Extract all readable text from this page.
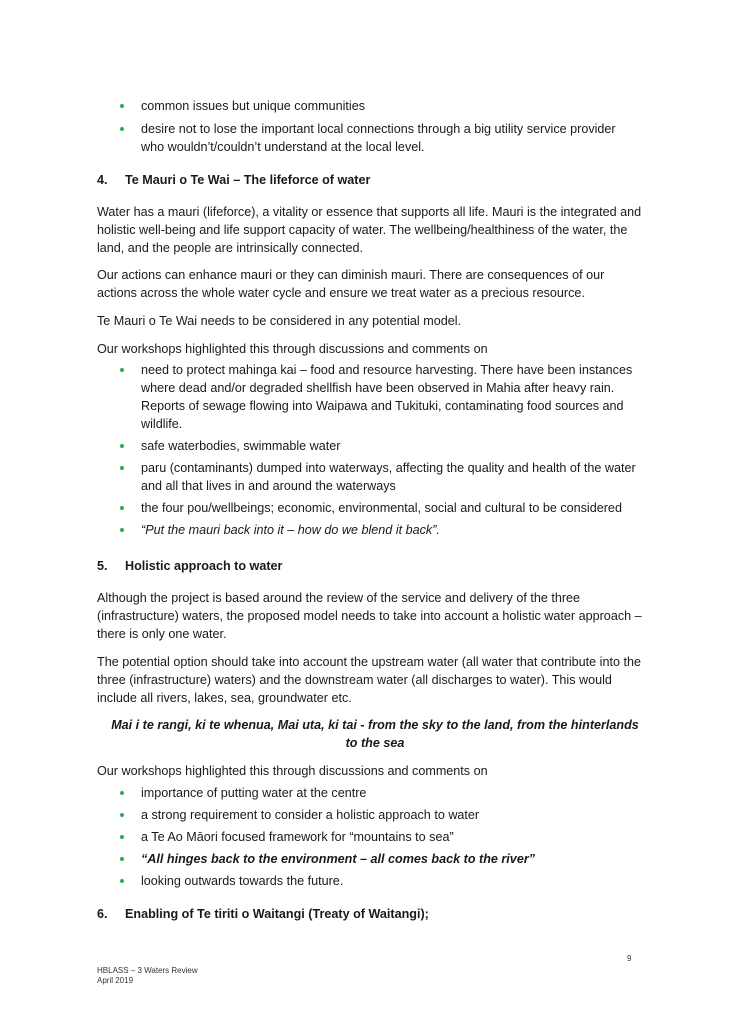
common issues but unique communities
desire not to lose the important local connections through a big utility service provider who wouldn’t/couldn’t understand at the local level.
4.	Te Mauri o Te Wai – The lifeforce of water

Water has a mauri (lifeforce), a vitality or essence that supports all life. Mauri is the integrated and holistic well-being and life support capacity of water. The wellbeing/healthiness of the water, the land, and the people are intrinsically connected.

Our actions can enhance mauri or they can diminish mauri. There are consequences of our actions across the whole water cycle and ensure we treat water as a precious resource.

Te Mauri o Te Wai needs to be considered in any potential model.

Our workshops highlighted this through discussions and comments on

need to protect mahinga kai – food and resource harvesting. There have been instances where dead and/or degraded shellfish have been observed in Mahia after heavy rain. Reports of sewage flowing into Waipawa and Tukituki, contaminating food sources and wildlife.
safe waterbodies, swimmable water
paru (contaminants) dumped into waterways, affecting the quality and health of the water and all that lives in and around the waterways
the four pou/wellbeings; economic, environmental, social and cultural to be considered
“Put the mauri back into it – how do we blend it back”.
5.	Holistic approach to water

Although the project is based around the review of the service and delivery of the three (infrastructure) waters, the proposed model needs to take into account a holistic water approach – there is only one water.

The potential option should take into account the upstream water (all water that contribute into the three (infrastructure) waters) and the downstream water (all discharges to water). This would include all rivers, lakes, sea, groundwater etc.

Mai i te rangi, ki te whenua, Mai uta, ki tai - from the sky to the land, from the hinterlands to the sea

Our workshops highlighted this through discussions and comments on

importance of putting water at the centre
a strong requirement to consider a holistic approach to water
a Te Ao Māori focused framework for “mountains to sea”
“All hinges back to the environment – all comes back to the river”
looking outwards towards the future.
6.	Enabling of Te tiriti o Waitangi (Treaty of Waitangi);
9
HBLASS – 3 Waters Review
April 2019
